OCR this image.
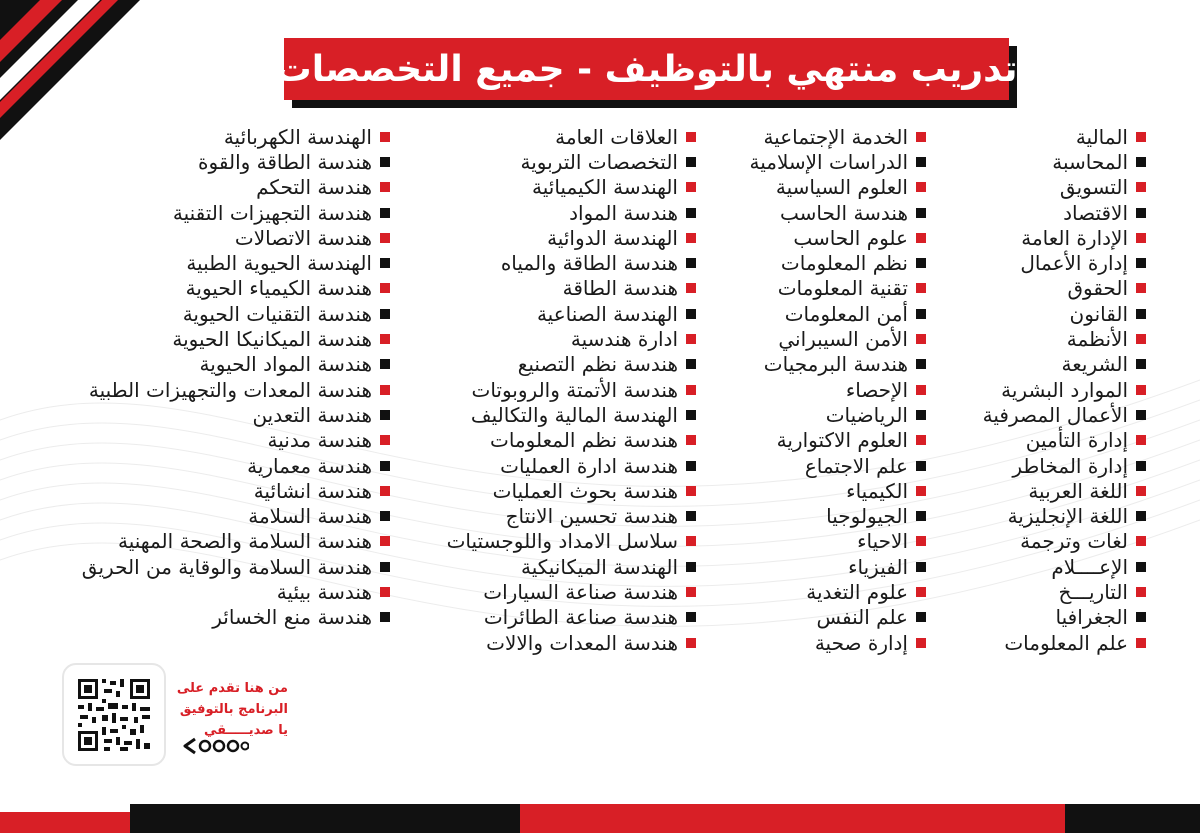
تدريب منتهي بالتوظيف - جميع التخصصات
المالية
المحاسبة
التسويق
الاقتصاد
الإدارة العامة
إدارة الأعمال
الحقوق
القانون
الأنظمة
الشريعة
الموارد البشرية
الأعمال المصرفية
إدارة التأمين
إدارة المخاطر
اللغة العربية
اللغة الإنجليزية
لغات وترجمة
الإعــــلام
التاريـــخ
الجغرافيا
علم المعلومات
الخدمة الإجتماعية
الدراسات الإسلامية
العلوم السياسية
هندسة الحاسب
علوم الحاسب
نظم المعلومات
تقنية المعلومات
أمن المعلومات
الأمن السيبراني
هندسة البرمجيات
الإحصاء
الرياضيات
العلوم الاكتوارية
علم الاجتماع
الكيمياء
الجيولوجيا
الاحياء
الفيزياء
علوم التغدية
علم النفس
إدارة صحية
العلاقات العامة
التخصصات التربوية
الهندسة الكيميائية
هندسة المواد
الهندسة الدوائية
هندسة الطاقة والمياه
هندسة الطاقة
الهندسة الصناعية
ادارة هندسية
هندسة نظم التصنيع
هندسة الأتمتة والروبوتات
الهندسة المالية والتكاليف
هندسة نظم المعلومات
هندسة ادارة العمليات
هندسة بحوث العمليات
هندسة تحسين الانتاج
سلاسل الامداد واللوجستيات
الهندسة الميكانيكية
هندسة صناعة السيارات
هندسة صناعة الطائرات
هندسة المعدات والالات
الهندسة الكهربائية
هندسة الطاقة والقوة
هندسة التحكم
هندسة التجهيزات التقنية
هندسة الاتصالات
الهندسة الحيوية الطبية
هندسة الكيمياء الحيوية
هندسة التقنيات الحيوية
هندسة الميكانيكا الحيوية
هندسة المواد الحيوية
هندسة المعدات والتجهيزات الطبية
هندسة التعدين
هندسة مدنية
هندسة معمارية
هندسة انشائية
هندسة السلامة
هندسة السلامة والصحة المهنية
هندسة السلامة والوقاية من الحريق
هندسة بيئية
هندسة منع الخسائر
من هنا تقدم على
البرنامج بالتوفيق
يا صديـــــقي
